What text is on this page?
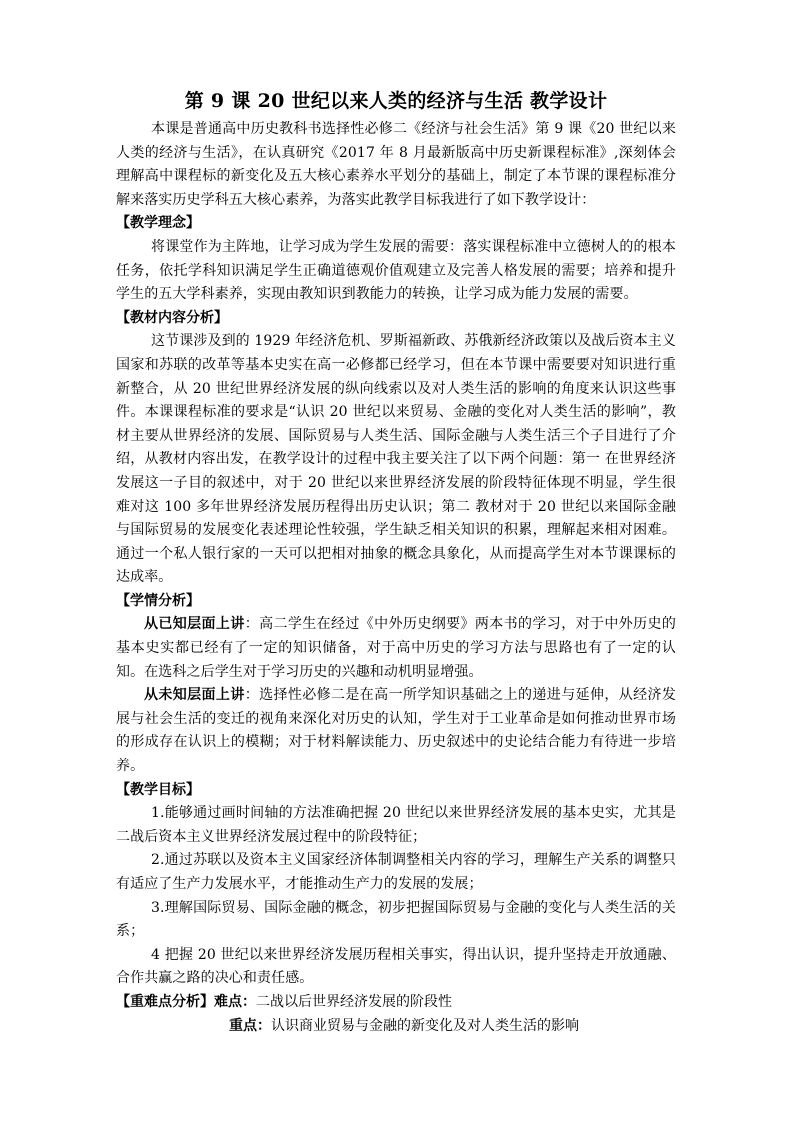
第 9 课 20 世纪以来人类的经济与生活 教学设计

本课是普通高中历史教科书选择性必修二《经济与社会生活》第 9 课《20 世纪以来人类的经济与生活》，在认真研究《2017 年 8 月最新版高中历史新课程标准》,深刻体会理解高中课程标的新变化及五大核心素养水平划分的基础上，制定了本节课的课程标准分解来落实历史学科五大核心素养，为落实此教学目标我进行了如下教学设计：

【教学理念】

将课堂作为主阵地，让学习成为学生发展的需要：落实课程标准中立德树人的的根本任务，依托学科知识满足学生正确道德观价值观建立及完善人格发展的需要；培养和提升学生的五大学科素养，实现由教知识到教能力的转换，让学习成为能力发展的需要。

【教材内容分析】

这节课涉及到的 1929 年经济危机、罗斯福新政、苏俄新经济政策以及战后资本主义国家和苏联的改革等基本史实在高一必修都已经学习，但在本节课中需要要对知识进行重新整合，从 20 世纪世界经济发展的纵向线索以及对人类生活的影响的角度来认识这些事件。本课课程标准的要求是“认识 20 世纪以来贸易、金融的变化对人类生活的影响”，教材主要从世界经济的发展、国际贸易与人类生活、国际金融与人类生活三个子目进行了介绍，从教材内容出发，在教学设计的过程中我主要关注了以下两个问题：第一 在世界经济发展这一子目的叙述中，对于 20 世纪以来世界经济发展的阶段特征体现不明显，学生很难对这 100 多年世界经济发展历程得出历史认识；第二 教材对于 20 世纪以来国际金融与国际贸易的发展变化表述理论性较强，学生缺乏相关知识的积累，理解起来相对困难。通过一个私人银行家的一天可以把相对抽象的概念具象化，从而提高学生对本节课课标的达成率。

【学情分析】

从已知层面上讲：高二学生在经过《中外历史纲要》两本书的学习，对于中外历史的基本史实都已经有了一定的知识储备，对于高中历史的学习方法与思路也有了一定的认知。在选科之后学生对于学习历史的兴趣和动机明显增强。

从未知层面上讲：选择性必修二是在高一所学知识基础之上的递进与延伸，从经济发展与社会生活的变迁的视角来深化对历史的认知，学生对于工业革命是如何推动世界市场的形成存在认识上的模糊；对于材料解读能力、历史叙述中的史论结合能力有待进一步培养。

【教学目标】

1.能够通过画时间轴的方法准确把握 20 世纪以来世界经济发展的基本史实，尤其是二战后资本主义世界经济发展过程中的阶段特征；

2.通过苏联以及资本主义国家经济体制调整相关内容的学习，理解生产关系的调整只有适应了生产力发展水平，才能推动生产力的发展的发展；

3.理解国际贸易、国际金融的概念，初步把握国际贸易与金融的变化与人类生活的关系；

4 把握 20 世纪以来世界经济发展历程相关事实，得出认识，提升坚持走开放通融、合作共赢之路的决心和责任感。

【重难点分析】难点：二战以后世界经济发展的阶段性
重点：认识商业贸易与金融的新变化及对人类生活的影响
